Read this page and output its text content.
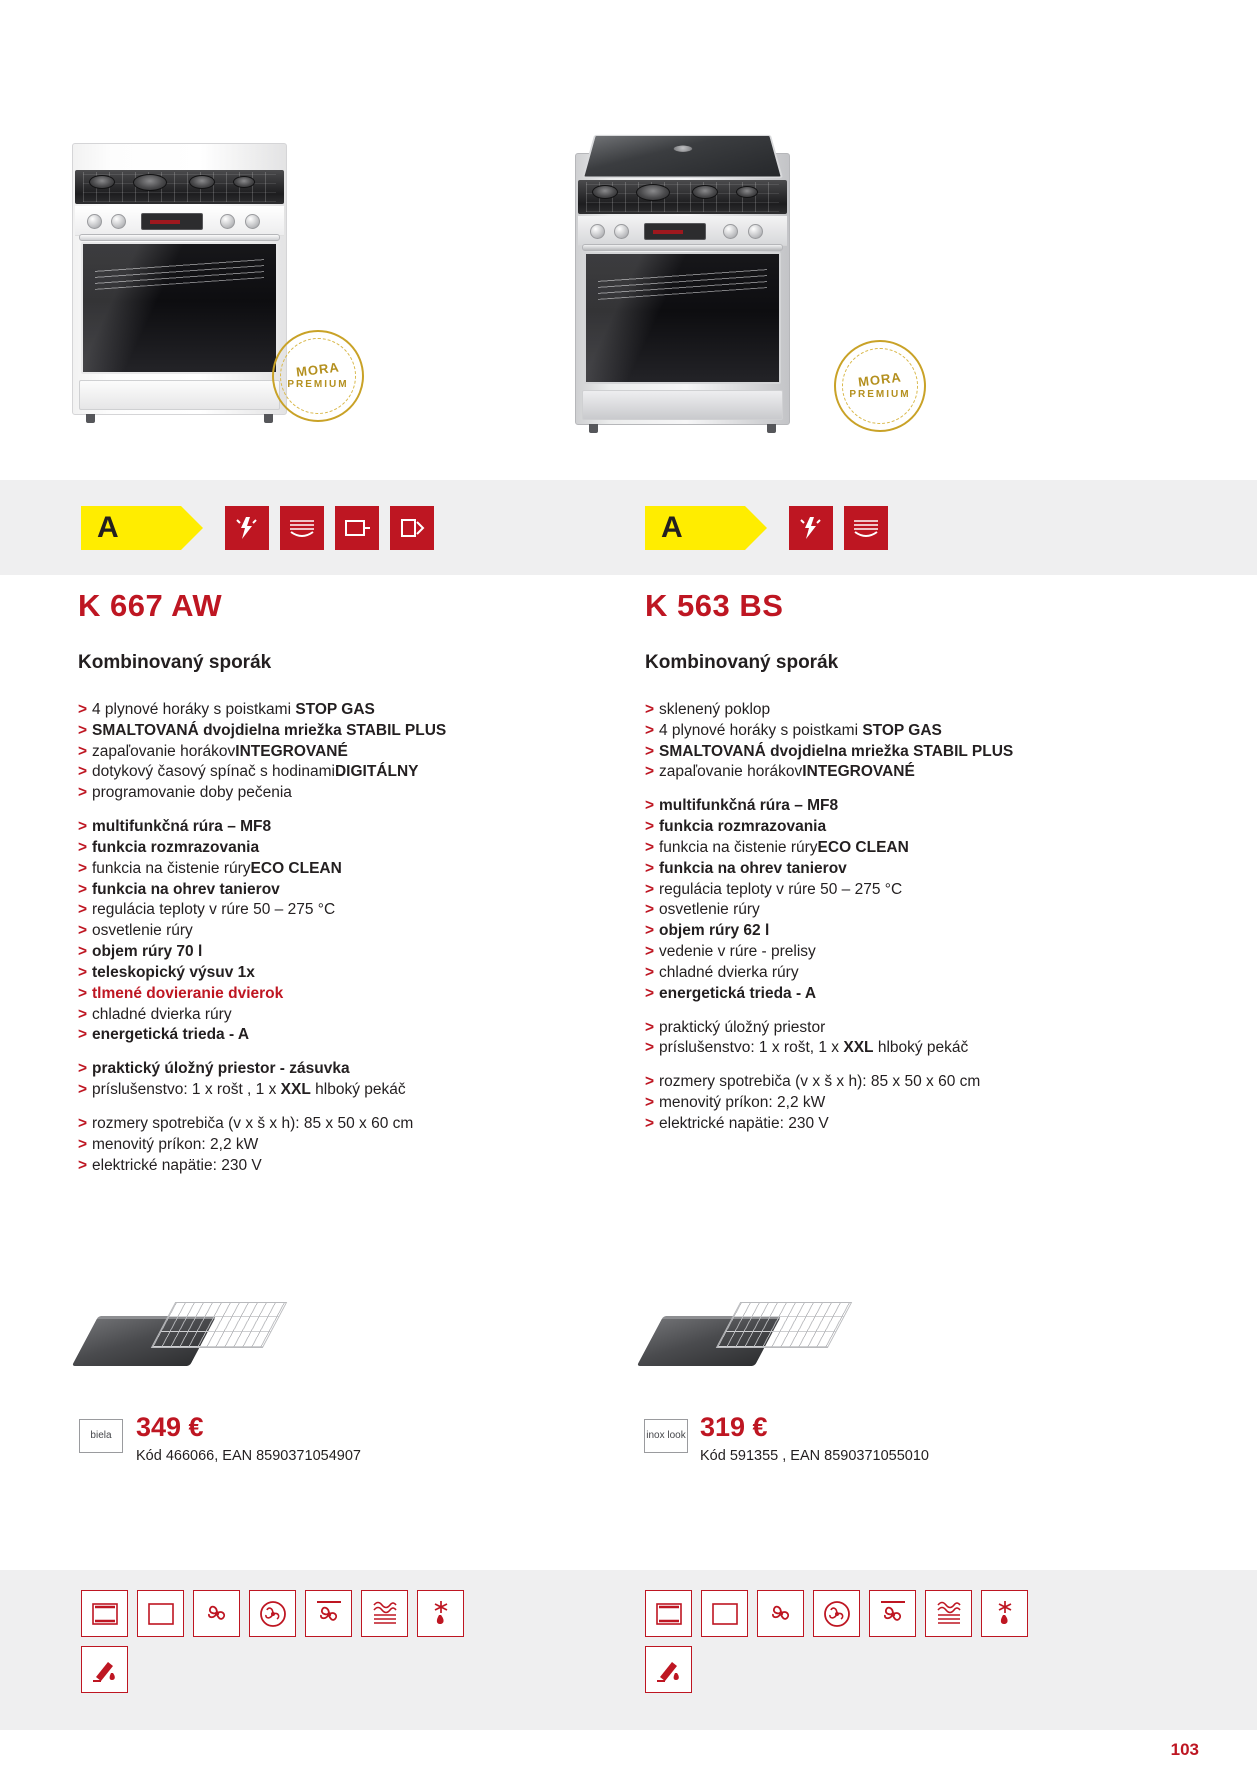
MORA
PREMIUM	MORA
PREMIUM
A	A
K 667 AW	K 563 BS
Kombinovaný sporák	Kombinovaný sporák
> 4 plynové horáky s poistkami STOP GAS
> SMALTOVANÁ dvojdielna mriežka STABIL PLUS
> zapaľovanie horákovINTEGROVANÉ
> dotykový časový spínač s hodinamiDIGITÁLNY
> programovanie doby pečenia
> multifunkčná rúra – MF8
> funkcia rozmrazovania
> funkcia na čistenie rúryECO CLEAN
> funkcia na ohrev tanierov
> regulácia teploty v rúre 50 – 275 °C
> osvetlenie rúry
> objem rúry 70 l
> teleskopický výsuv 1x
> tlmené dovieranie dvierok
> chladné dvierka rúry
> energetická trieda - A
> praktický úložný priestor - zásuvka
> príslušenstvo: 1 x rošt , 1 x XXL hlboký pekáč
> rozmery spotrebiča (v x š x h): 85 x 50 x 60 cm
> menovitý príkon: 2,2 kW
> elektrické napätie: 230 V
> sklenený poklop
> 4 plynové horáky s poistkami STOP GAS
> SMALTOVANÁ dvojdielna mriežka STABIL PLUS
> zapaľovanie horákovINTEGROVANÉ
> multifunkčná rúra – MF8
> funkcia rozmrazovania
> funkcia na čistenie rúryECO CLEAN
> funkcia na ohrev tanierov
> regulácia teploty v rúre 50 – 275 °C
> osvetlenie rúry
> objem rúry 62 l
> vedenie v rúre - prelisy
> chladné dvierka rúry
> energetická trieda - A
> praktický úložný priestor
> príslušenstvo: 1 x rošt, 1 x XXL hlboký pekáč
> rozmery spotrebiča (v x š x h): 85 x 50 x 60 cm
> menovitý príkon: 2,2 kW
> elektrické napätie: 230 V
biela 349 €
Kód 466066, EAN 8590371054907
inox look 319 €
Kód 591355 , EAN 8590371055010
103
